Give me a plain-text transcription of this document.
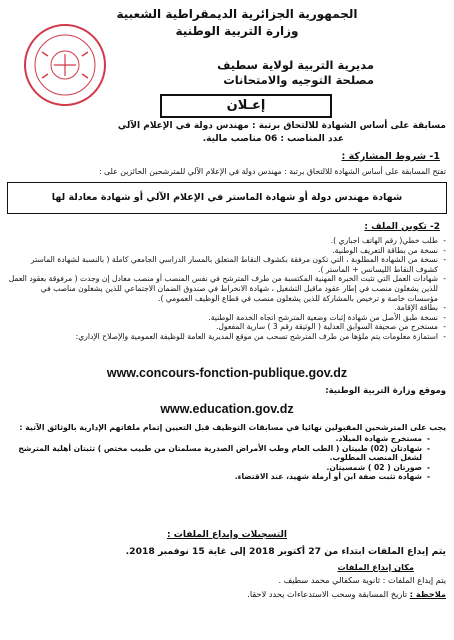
الجمهورية الجزائرية الديمقراطية الشعبية
وزارة التربية الوطنية
مديرية التربية لولاية سطيف
مصلحة التوجيه والامتحانات
إعـلان
مسابقة على أساس الشهادة للالتحاق برتبة : مهندس دولة في الإعلام الآلي
عدد المناصب : 06 مناصب مالية.
1- شروط المشاركة :
تفتح المسابقة على أساس الشهادة للالتحاق برتبة : مهندس دولة في الإعلام الآلي للمترشحين الحائزين على :
شهادة مهندس دولة أو شهادة الماستر في الإعلام الآلي أو شهادة معادلة لها
2- تكوين الملف :
- طلب خطي( رقم الهاتف اجباري ).
- نسخة من بطاقة التعريف الوطنية.
- نسخة من الشهادة المطلوبة ، التي تكون مرفقة بكشوف النقاط المتعلق بالمسار الدراسي الجامعي كاملة ( بالنسبة لشهادة الماستر كشوف النقاط الليسانس + الماستر ).
- شهادات العمل التي تثبت الخبرة المهنية المكتسبة من طرف المترشح في نفس المنصب أو منصب معادل إن وجدت ( مرفوقة بعقود العمل للذين يشغلون منصب في إطار عقود ماقبل التشغيل ، شهادة الانخراط في صندوق الضمان الاجتماعي للذين يشغلون مناصب في مؤسسات خاصة و ترخيص بالمشاركة للذين يشغلون منصب في قطاع الوظيف العمومي ).
- بطاقة الإقامة.
- نسخة طبق الأصل من شهادة إثبات وضعية المترشح اتجاه الخدمة الوطنية.
- مستخرج من صحيفة السوابق العدلية ( الوثيقة رقم 3 ) سارية المفعول.
- استمارة معلومات يتم ملؤها من طرف المترشح تسحب من موقع المديرية العامة للوظيفة العمومية والإصلاح الإداري:
www.concours-fonction-publique.gov.dz
وموقع وزارة التربية الوطنية:
www.education.gov.dz
يجب على المترشحين المقبولين نهائيا في مسابقات التوظيف قبل التعيين إتمام ملفاتهم الإدارية بالوثائق الآتية :
- مستخرج شهادة الميلاد.
- شهادتان (02) طبيتان ( الطب العام وطب الأمراض الصدرية مسلمتان من طبيب مختص ) تثبتان أهلية المترشح لشغل المنصب المطلوب.
- صورتان ( 02 ) شمسيتان.
- شهادة تثبت صفة ابن أو أرملة شهيد، عند الاقتضاء.
التسجيلات وإيداع الملفات :
يتم إيداع الملفات ابتداء من 27 أكتوبر 2018 إلى غاية 15 نوفمبر 2018.
مكان إيداع الملفات
يتم إيداع الملفات : ثانوية سكفالي محمد سطيف .
ملاحظة : تاريخ المسابقة وسحب الاستدعاءات يحدد لاحقا.
